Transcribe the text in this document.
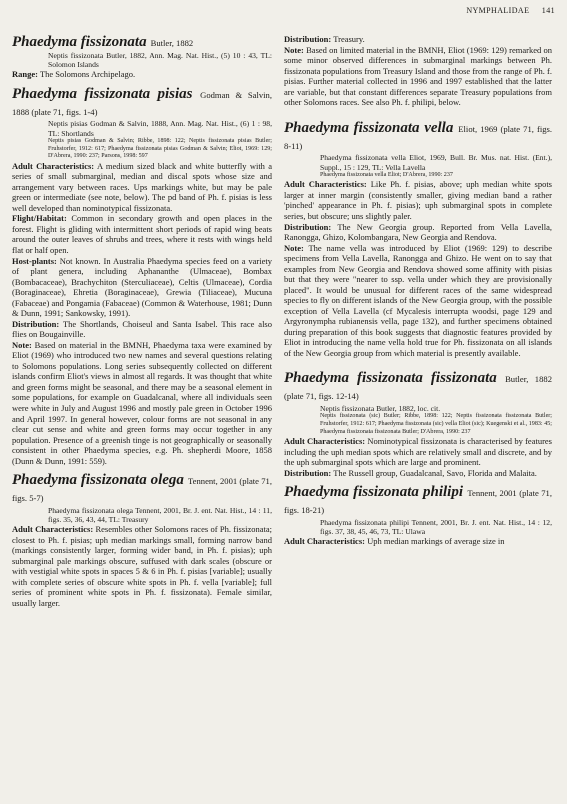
NYMPHALIDAE 141

Phaedyma fissizonata Butler, 1882

Neptis fissizonata Butler, 1882, Ann. Mag. Nat. Hist., (5) 10 : 43, TL: Solomon Islands

Range: The Solomons Archipelago.

Phaedyma fissizonata pisias Godman & Salvin, 1888 (plate 71, figs. 1-4)

Neptis pisias Godman & Salvin, 1888, Ann. Mag. Nat. Hist., (6) 1 : 98, TL: Shortlands

Neptis pisias Godman & Salvin; Ribbe, 1898: 122; Neptis fissizonata pisias Butler; Fruhstorfer, 1912: 617; Phaedyma fissizonata pisias Godman & Salvin; Eliot, 1969: 129; D'Abrera, 1990: 237; Parsons, 1998: 597

Adult Characteristics: A medium sized black and white butterfly with a series of small submarginal, median and discal spots whose size and arrangement vary between races. Ups markings white, but may be pale green or intermediate (see note, below). The pd band of Ph. f. pisias is less well developed than nominotypical fissizonata.

Flight/Habitat: Common in secondary growth and open places in the forest. Flight is gliding with intermittent short periods of rapid wing beats around the outer leaves of shrubs and trees, where it rests with wings held flat or half open.

Host-plants: Not known. In Australia Phaedyma species feed on a variety of plant genera, including Aphananthe (Ulmaceae), Bombax (Bombacaceae), Brachychiton (Sterculiaceae), Celtis (Ulmaceae), Cordia (Boraginaceae), Ehretia (Boraginaceae), Grewia (Tiliaceae), Mucuna (Fabaceae) and Pongamia (Fabaceae) (Common & Waterhouse, 1981; Dunn & Dunn, 1991; Sankowsky, 1991).

Distribution: The Shortlands, Choiseul and Santa Isabel. This race also flies on Bougainville.

Note: Based on material in the BMNH, Phaedyma taxa were examined by Eliot (1969) who introduced two new names and several questions relating to Solomons populations. Long series subsequently collected on different islands confirm Eliot's views in almost all regards. It was thought that white and green forms might be seasonal, and there may be a seasonal element in some populations, for example on Guadalcanal, where all individuals seen were white in July and August 1996 and mostly pale green in October 1996 and April 1997. In general however, colour forms are not seasonal in any clear cut sense and white and green forms may occur together in any population. Presence of a greenish tinge is not geographically or seasonally consistent in other Phaedyma species, e.g. Ph. shepherdi Moore, 1858 (Dunn & Dunn, 1991: 559).

Phaedyma fissizonata olega Tennent, 2001 (plate 71, figs. 5-7)

Phaedyma fissizonata olega Tennent, 2001, Br. J. ent. Nat. Hist., 14 : 11, figs. 35, 36, 43, 44, TL: Treasury

Adult Characteristics: Resembles other Solomons races of Ph. fissizonata; closest to Ph. f. pisias; uph median markings small, forming narrow band (markings consistently larger, forming wider band, in Ph. f. pisias); uph submarginal pale markings obscure, suffused with dark scales (obscure or with vestigial white spots in spaces 5 & 6 in Ph. f. pisias [variable]; usually with complete series of obscure white spots in Ph. f. vella [variable]; full series of prominent white spots in Ph. f. fissizonata). Female similar, usually larger.

Distribution: Treasury.

Note: Based on limited material in the BMNH, Eliot (1969: 129) remarked on some minor observed differences in submarginal markings between Ph. fissizonata populations from Treasury Island and those from the range of Ph. f. pisias. Further material collected in 1996 and 1997 established that the latter are variable, but that constant differences separate Treasury populations from other Solomons races. See also Ph. f. philipi, below.

Phaedyma fissizonata vella Eliot, 1969 (plate 71, figs. 8-11)

Phaedyma fissizonata vella Eliot, 1969, Bull. Br. Mus. nat. Hist. (Ent.), Suppl., 15 : 129, TL: Vella Lavella

Phaedyma fissizonata vella Eliot; D'Abrera, 1990: 237

Adult Characteristics: Like Ph. f. pisias, above; uph median white spots larger at inner margin (consistently smaller, giving median band a rather 'pinched' appearance in Ph. f. pisias); uph submarginal spots in complete series, but obscure; uns slightly paler.

Distribution: The New Georgia group. Reported from Vella Lavella, Ranongga, Ghizo, Kolombangara, New Georgia and Rendova.

Note: The name vella was introduced by Eliot (1969: 129) to describe specimens from Vella Lavella, Ranongga and Ghizo. He went on to say that examples from New Georgia and Rendova showed some affinity with pisias but that they were "nearer to ssp. vella under which they are provisionally placed". It would be unusual for different races of the same widespread species to fly on different islands of the New Georgia group, with the possible exception of Vella Lavella (cf Mycalesis interrupta woodsi, page 129 and Argyronympha rubianensis vella, page 132), and further specimens obtained during preparation of this book suggests that diagnostic features provided by Eliot in introducing the name vella hold true for Ph. fissizonata on all islands of the New Georgia group from which material is presently available.

Phaedyma fissizonata fissizonata Butler, 1882 (plate 71, figs. 12-14)

Neptis fissizonata Butler, 1882, loc. cit.

Neptis fissizonata (sic) Butler; Ribbe, 1898: 122; Neptis fissizonata fissizonata Butler; Fruhstorfer, 1912: 617; Phaedyma fissizonata (sic) vella Eliot (sic); Kuegenski et al., 1983: 45; Phaedyma fissizonata fissizonata Butler; D'Abrera, 1990: 237

Adult Characteristics: Nominotypical fissizonata is characterised by features including the uph median spots which are relatively small and discrete, and by the uph submarginal spots which are large and prominent.

Distribution: The Russell group, Guadalcanal, Savo, Florida and Malaita.

Phaedyma fissizonata philipi Tennent, 2001 (plate 71, figs. 18-21)

Phaedyma fissizonata philipi Tennent, 2001, Br. J. ent. Nat. Hist., 14 : 12, figs. 37, 38, 45, 46, 73, TL: Ulawa

Adult Characteristics: Uph median markings of average size in
